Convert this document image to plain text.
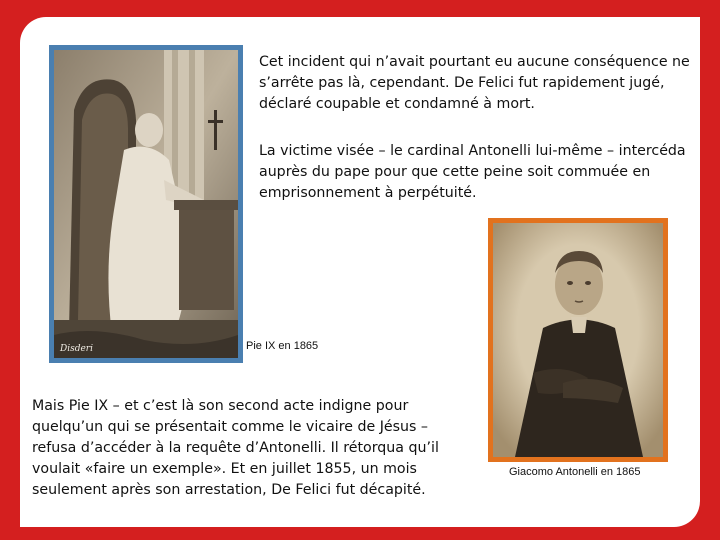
Disderi
Cet incident qui n’avait pourtant eu aucune conséquence ne s’arrête pas là, cependant. De Felici fut rapidement jugé, déclaré coupable et condamné à mort.
La victime visée – le cardinal Antonelli lui-même – intercéda auprès du pape pour que cette peine soit commuée en emprisonnement à perpétuité.
Pie IX en 1865
Mais Pie IX – et c’est là son second acte indigne pour quelqu’un qui se présentait comme le vicaire de Jésus – refusa d’accéder à la requête d’Antonelli. Il rétorqua qu’il voulait «faire un exemple». Et en juillet 1855, un mois seulement après son arrestation, De Felici fut décapité.
Giacomo Antonelli en 1865
